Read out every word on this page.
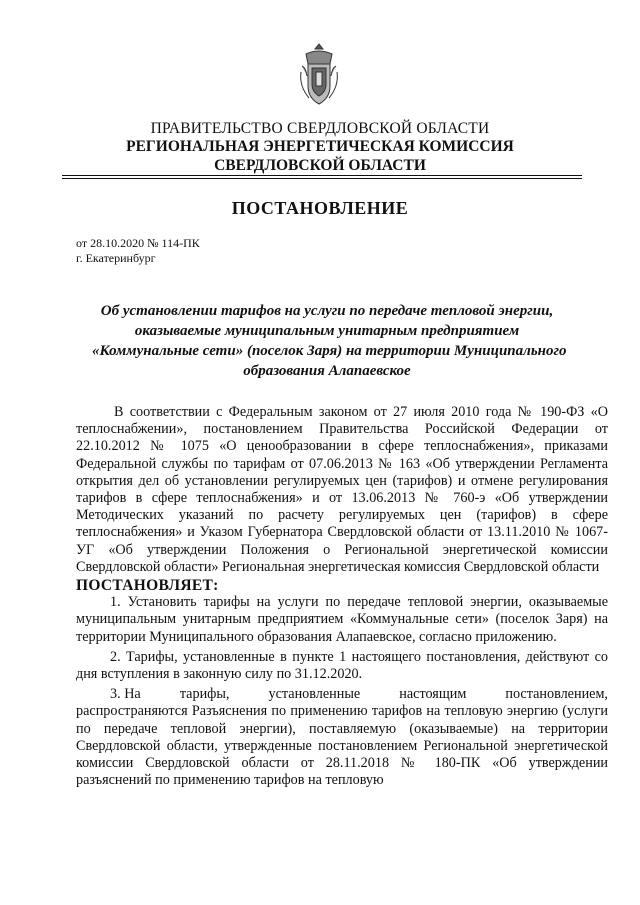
ПРАВИТЕЛЬСТВО СВЕРДЛОВСКОЙ ОБЛАСТИ
РЕГИОНАЛЬНАЯ ЭНЕРГЕТИЧЕСКАЯ КОМИССИЯ
СВЕРДЛОВСКОЙ ОБЛАСТИ
ПОСТАНОВЛЕНИЕ
от 28.10.2020 № 114-ПК
г. Екатеринбург
Об установлении тарифов на услуги по передаче тепловой энергии,
оказываемые муниципальным унитарным предприятием
«Коммунальные сети» (поселок Заря) на территории Муниципального
образования Алапаевское

В соответствии с Федеральным законом от 27 июля 2010 года № 190-ФЗ «О теплоснабжении», постановлением Правительства Российской Федерации от 22.10.2012 № 1075 «О ценообразовании в сфере теплоснабжения», приказами Федеральной службы по тарифам от 07.06.2013 № 163 «Об утверждении Регламента открытия дел об установлении регулируемых цен (тарифов) и отмене регулирования тарифов в сфере теплоснабжения» и от 13.06.2013 № 760-э «Об утверждении Методических указаний по расчету регулируемых цен (тарифов) в сфере теплоснабжения» и Указом Губернатора Свердловской области от 13.11.2010 № 1067-УГ «Об утверждении Положения о Региональной энергетической комиссии Свердловской области» Региональная энергетическая комиссия Свердловской области

ПОСТАНОВЛЯЕТ:

1. Установить тарифы на услуги по передаче тепловой энергии, оказываемые муниципальным унитарным предприятием «Коммунальные сети» (поселок Заря) на территории Муниципального образования Алапаевское, согласно приложению.

2. Тарифы, установленные в пункте 1 настоящего постановления, действуют со дня вступления в законную силу по 31.12.2020.

3. На	тарифы,	установленные	настоящим	постановлением,

распространяются Разъяснения по применению тарифов на тепловую энергию (услуги по передаче тепловой энергии), поставляемую (оказываемые) на территории Свердловской области, утвержденные постановлением Региональной энергетической комиссии Свердловской области от 28.11.2018 № 180-ПК «Об утверждении разъяснений по применению тарифов на тепловую
